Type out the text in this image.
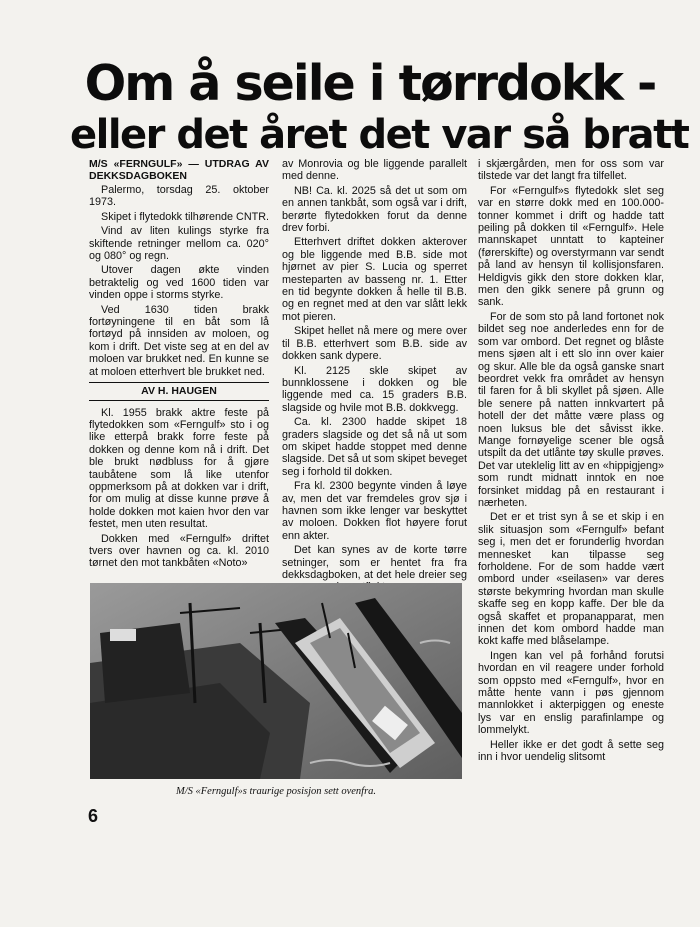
Om å seile i tørrdokk -
eller det året det var så bratt

M/S «FERNGULF» — UTDRAG AV DEKKSDAGBOKEN

Palermo, torsdag 25. oktober 1973.

Skipet i flytedokk tilhørende CNTR.

Vind av liten kulings styrke fra skiftende retninger mellom ca. 020° og 080° og regn.

Utover dagen økte vinden betraktelig og ved 1600 tiden var vinden oppe i storms styrke.

Ved 1630 tiden brakk fortøyningene til en båt som lå fortøyd på innsiden av moloen, og kom i drift. Det viste seg at en del av moloen var brukket ned. En kunne se at moloen etterhvert ble brukket ned.

AV H. HAUGEN

Kl. 1955 brakk aktre feste på flytedokken som «Ferngulf» sto i og like etterpå brakk forre feste på dokken og denne kom nå i drift. Det ble brukt nødbluss for å gjøre taubåtene som lå like utenfor oppmerksom på at dokken var i drift, for om mulig at disse kunne prøve å holde dokken mot kaien hvor den var festet, men uten resultat.

Dokken med «Ferngulf» driftet tvers over havnen og ca. kl. 2010 tørnet den mot tankbåten «Noto»

av Monrovia og ble liggende parallelt med denne.

NB! Ca. kl. 2025 så det ut som om en annen tankbåt, som også var i drift, berørte flytedokken forut da denne drev forbi.

Etterhvert driftet dokken akterover og ble liggende med B.B. side mot hjørnet av pier S. Lucia og sperret mesteparten av basseng nr. 1. Etter en tid begynte dokken å helle til B.B. og en regnet med at den var slått lekk mot pieren.

Skipet hellet nå mere og mere over til B.B. etterhvert som B.B. side av dokken sank dypere.

Kl. 2125 skle skipet av bunnklossene i dokken og ble liggende med ca. 15 graders B.B. slagside og hvile mot B.B. dokkvegg.

Ca. kl. 2300 hadde skipet 18 graders slagside og det så nå ut som om skipet hadde stoppet med denne slagside. Det så ut som skipet beveget seg i forhold til dokken.

Fra kl. 2300 begynte vinden å løye av, men det var fremdeles grov sjø i havnen som ikke lenger var beskyttet av moloen. Dokken flot høyere forut enn akter.

Det kan synes av de korte tørre setninger, som er hentet fra fra dekksdagboken, at det hele dreier seg

i skjærgården, men for oss som var tilstede var det langt fra tilfellet.

For «Ferngulf»s flytedokk slet seg var en større dokk med en 100.000-tonner kommet i drift og hadde tatt peiling på dokken til «Ferngulf». Hele mannskapet unntatt to kapteiner (førerskifte) og overstyrmann var sendt på land av hensyn til kollisjonsfaren. Heldigvis gikk den store dokken klar, men den gikk senere på grunn og sank.

For de som sto på land fortonet nok bildet seg noe anderledes enn for de som var ombord. Det regnet og blåste mens sjøen alt i ett slo inn over kaier og skur. Alle ble da også ganske snart beordret vekk fra området av hensyn til faren for å bli skyllet på sjøen. Alle ble senere på natten innkvartert på hotell der det måtte være plass og noen luksus ble det såvisst ikke. Mange fornøyelige scener ble også utspilt da det utlånte tøy skulle prøves. Det var uteklelig litt av en «hippigjeng» som rundt midnatt inntok en noe forsinket middag på en restaurant i nærheten.

Det er et trist syn å se et skip i en slik situasjon som «Ferngulf» befant seg i, men det er forunderlig hvordan mennesket kan tilpasse seg forholdene. For de som hadde vært ombord under «seilasen» var deres største bekymring hvordan man skulle skaffe seg en kopp kaffe. Der ble da også skaffet et propanapparat, men innen det kom ombord hadde man kokt kaffe med blåselampe.

Ingen kan vel på forhånd forutsi hvordan en vil reagere under forhold som oppsto med «Ferngulf», hvor en måtte hente vann i pøs gjennom mannlokket i akterpiggen og eneste lys var en enslig parafinlampe og lommelykt.

Heller ikke er det godt å sette seg inn i hvor uendelig slitsomt

M/S «Ferngulf»s traurige posisjon sett ovenfra.
6
